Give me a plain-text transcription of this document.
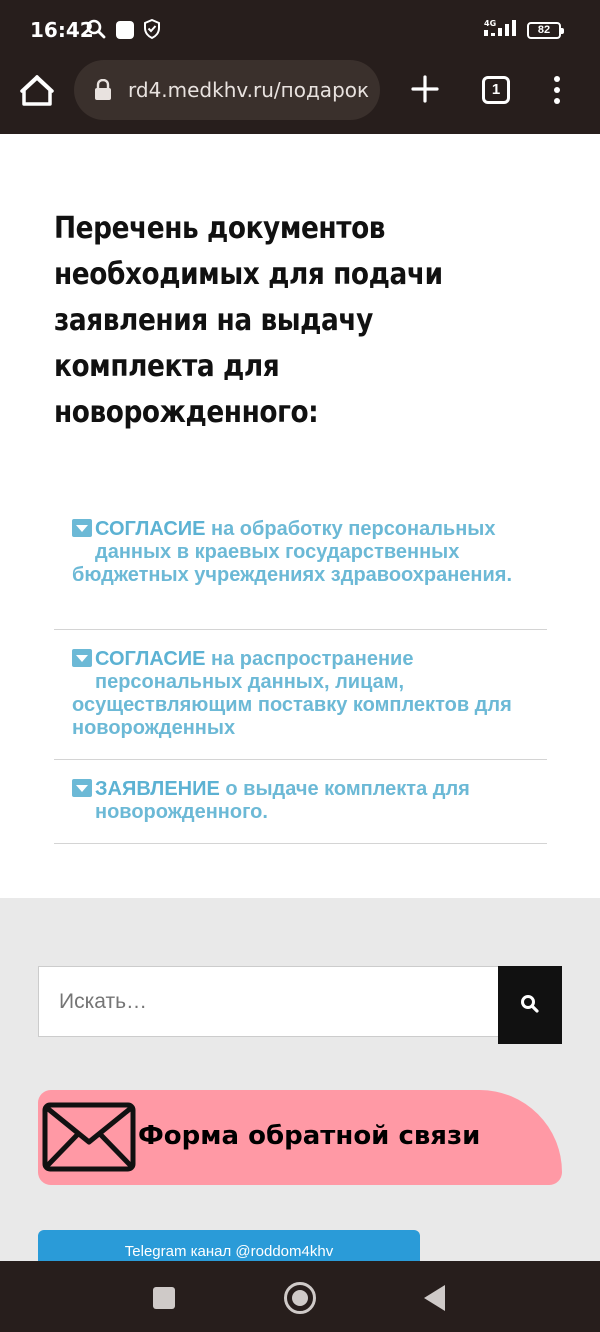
16:42	4G
82
rd4.medkhv.ru/подарок	1
Перечень документов необходимых для подачи заявления на выдачу комплекта для новорожденного:
СОГЛАСИЕ на обработку персональных
данных в краевых государственных бюджетных учреждениях здравоохранения.
СОГЛАСИЕ на распространение
персональных данных, лицам, осуществляющим поставку комплектов для новорожденных
ЗАЯВЛЕНИЕ о выдаче комплекта для
новорожденного.
Искать…
Форма обратной связи
Telegram канал @roddom4khv
